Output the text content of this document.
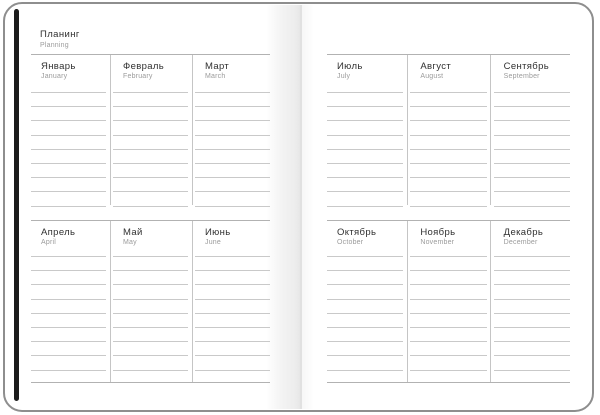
Планинг
Planning
Январь
January
Февраль
February
Март
March
Апрель
April
Май
May
Июнь
June
Июль
July
Август
August
Сентябрь
September
Октябрь
October
Ноябрь
November
Декабрь
December
